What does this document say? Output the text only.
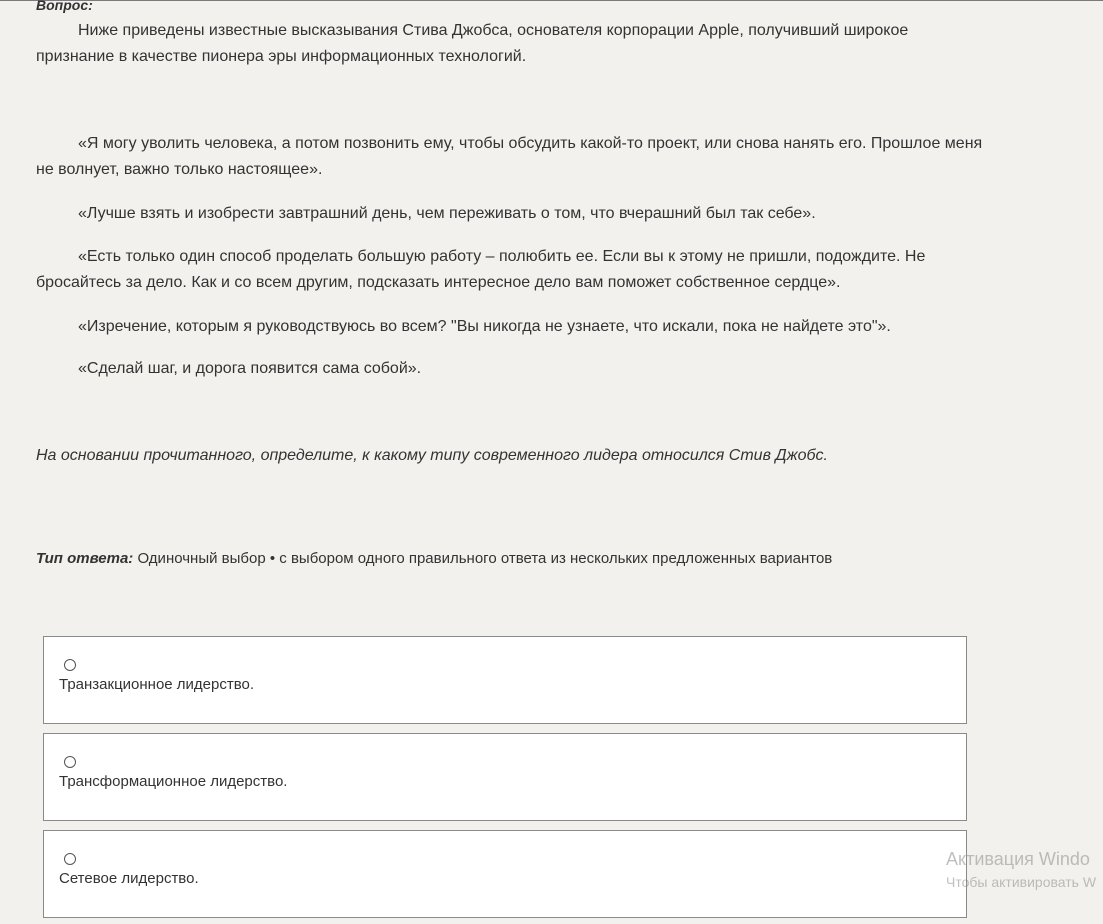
Вопрос:

Ниже приведены известные высказывания Стива Джобса, основателя корпорации Apple, получивший широкое признание в качестве пионера эры информационных технологий.

«Я могу уволить человека, а потом позвонить ему, чтобы обсудить какой-то проект, или снова нанять его. Прошлое меня не волнует, важно только настоящее».

«Лучше взять и изобрести завтрашний день, чем переживать о том, что вчерашний был так себе».

«Есть только один способ проделать большую работу – полюбить ее. Если вы к этому не пришли, подождите. Не бросайтесь за дело. Как и со всем другим, подсказать интересное дело вам поможет собственное сердце».

«Изречение, которым я руководствуюсь во всем? "Вы никогда не узнаете, что искали, пока не найдете это"».

«Сделай шаг, и дорога появится сама собой».

На основании прочитанного, определите, к какому типу современного лидера относился Стив Джобс.

Тип ответа: Одиночный выбор • с выбором одного правильного ответа из нескольких предложенных вариантов
Транзакционное лидерство.
Трансформационное лидерство.
Сетевое лидерство.
Активация Windo
Чтобы активировать W
